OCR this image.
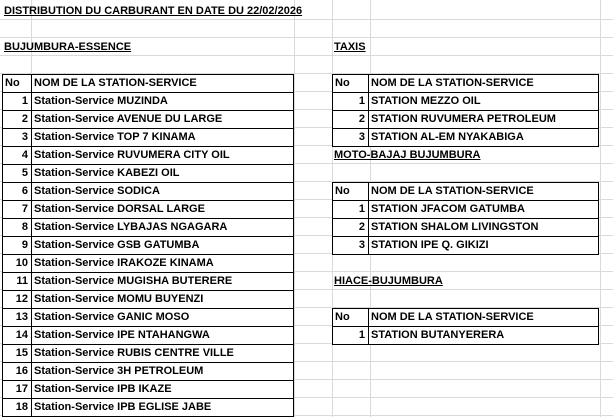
DISTRIBUTION DU CARBURANT EN DATE DU 22/02/2026
BUJUMBURA-ESSENCE	TAXIS
MOTO-BAJAJ BUJUMBURA
HIACE-BUJUMBURA
No	NOM DE LA STATION-SERVICE
1	Station-Service MUZINDA
2	Station-Service AVENUE DU LARGE
3	Station-Service TOP 7 KINAMA
4	Station-Service RUVUMERA CITY OIL
5	Station-Service KABEZI OIL
6	Station-Service SODICA
7	Station-Service DORSAL LARGE
8	Station-Service LYBAJAS NGAGARA
9	Station-Service GSB GATUMBA
10	Station-Service IRAKOZE KINAMA
11	Station-Service MUGISHA BUTERERE
12	Station-Service MOMU BUYENZI
13	Station-Service GANIC MOSO
14	Station-Service IPE NTAHANGWA
15	Station-Service RUBIS CENTRE VILLE
16	Station-Service 3H PETROLEUM
17	Station-Service IPB IKAZE
18	Station-Service IPB EGLISE JABE
No	NOM DE LA STATION-SERVICE
1	STATION MEZZO OIL
2	STATION RUVUMERA PETROLEUM
3	STATION AL-EM NYAKABIGA
No	NOM DE LA STATION-SERVICE
1	STATION JFACOM GATUMBA
2	STATION SHALOM LIVINGSTON
3	STATION IPE Q. GIKIZI
No	NOM DE LA STATION-SERVICE
1	STATION BUTANYERERA
